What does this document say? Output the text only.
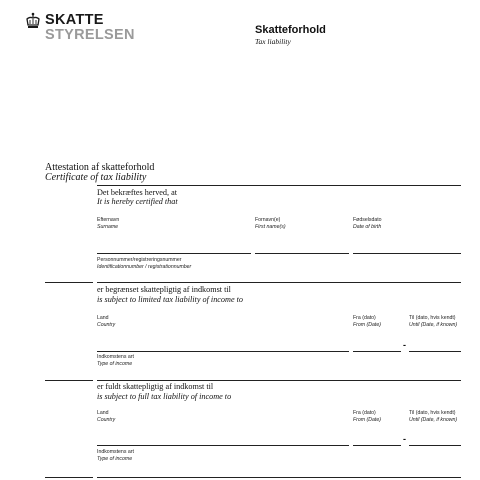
SKATTE
STYRELSEN	Skatteforhold
Tax liability
Attestation af skatteforhold
Certificate of tax liability
Det bekræftes herved, at
It is hereby certified that
Efternavn
Surname
Fornavn(e)
First name(s)
Fødselsdato
Date of birth
Personnummer/registreringsnummer
Identificationnumber / registrationnumber
er begrænset skattepligtig af indkomst til
is subject to limited tax liability of income to
Land
Country
Fra (dato)
From (Date)
Til (dato, hvis kendt)
Until (Date, if known)
-
Indkomstens art
Type of income
er fuldt skattepligtig af indkomst til
is subject to full tax liability of income to
Land
Country
Fra (dato)
From (Date)
Til (dato, hvis kendt)
Until (Date, if known)
-
Indkomstens art
Type of income
